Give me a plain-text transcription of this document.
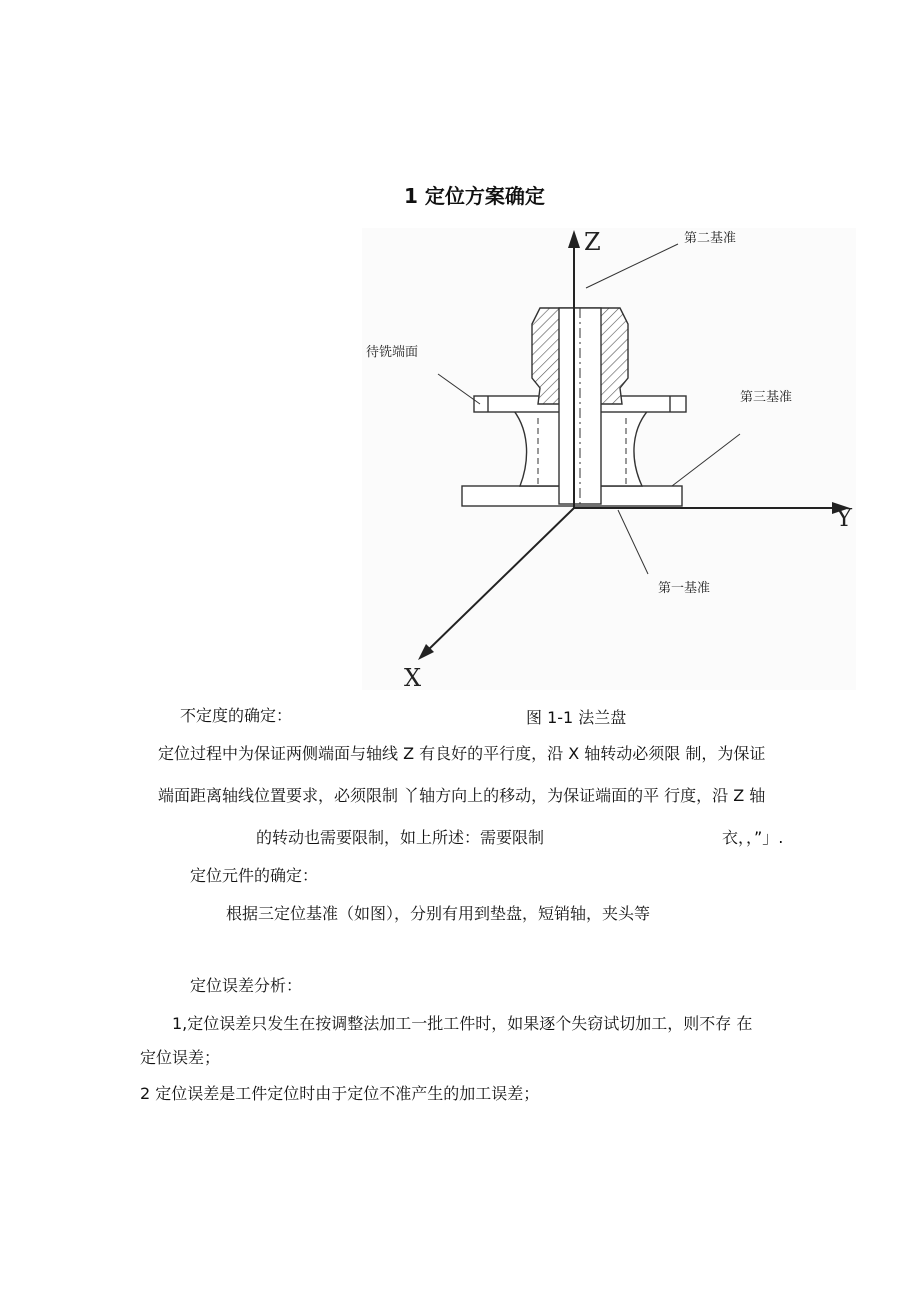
1 定位方案确定
Z
Y
X
第二基准
待铣端面
第三基准
第一基准
不定度的确定：	图 1-1 法兰盘
定位过程中为保证两侧端面与轴线 Z 有良好的平行度，沿 X 轴转动必须限 制，为保证
端面距离轴线位置要求，必须限制 丫轴方向上的移动，为保证端面的平 行度，沿 Z 轴
的转动也需要限制，如上所述：需要限制	衣，，”」.
定位元件的确定：
根据三定位基准（如图），分别有用到垫盘，短销轴，夹头等
定位误差分析：
1,定位误差只发生在按调整法加工一批工件时，如果逐个失窃试切加工，则不存 在
定位误差；
2 定位误差是工件定位时由于定位不准产生的加工误差；
